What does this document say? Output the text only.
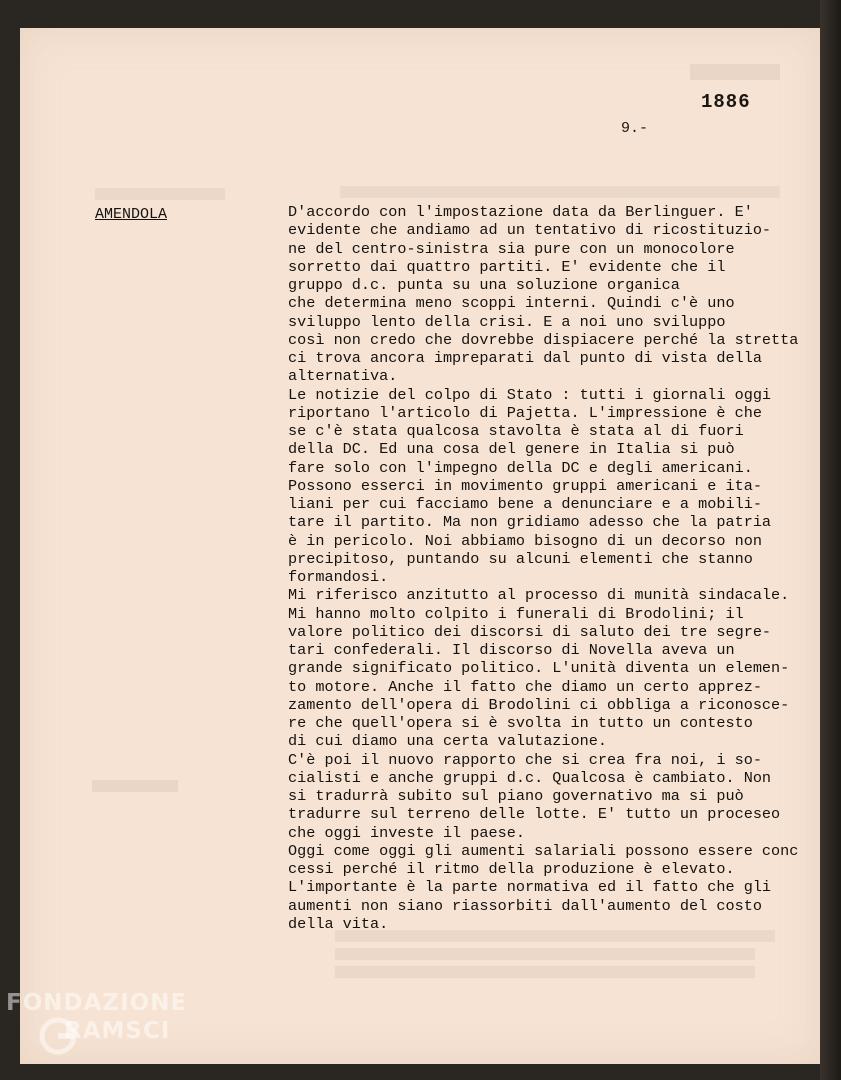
1886
9.-
AMENDOLA	D'accordo con l'impostazione data da Berlinguer. E'
evidente che andiamo ad un tentativo di ricostituzio-
ne del centro-sinistra sia pure con un monocolore
sorretto dai quattro partiti. E' evidente che il
gruppo d.c. punta su una soluzione organica
che determina meno scoppi interni. Quindi c'è uno
sviluppo lento della crisi. E a noi uno sviluppo
così non credo che dovrebbe dispiacere perché la stretta
ci trova ancora impreparati dal punto di vista della
alternativa.
Le notizie del colpo di Stato : tutti i giornali oggi
riportano l'articolo di Pajetta. L'impressione è che
se c'è stata qualcosa stavolta è stata al di fuori
della DC. Ed una cosa del genere in Italia si può
fare solo con l'impegno della DC e degli americani.
Possono esserci in movimento gruppi americani e ita-
liani per cui facciamo bene a denunciare e a mobili-
tare il partito. Ma non gridiamo adesso che la patria
è in pericolo. Noi abbiamo bisogno di un decorso non
precipitoso, puntando su alcuni elementi che stanno
formandosi.
Mi riferisco anzitutto al processo di munità sindacale.
Mi hanno molto colpito i funerali di Brodolini; il
valore politico dei discorsi di saluto dei tre segre-
tari confederali. Il discorso di Novella aveva un
grande significato politico. L'unità diventa un elemen-
to motore. Anche il fatto che diamo un certo apprez-
zamento dell'opera di Brodolini ci obbliga a riconosce-
re che quell'opera si è svolta in tutto un contesto
di cui diamo una certa valutazione.
C'è poi il nuovo rapporto che si crea fra noi, i so-
cialisti e anche gruppi d.c. Qualcosa è cambiato. Non
si tradurrà subito sul piano governativo ma si può
tradurre sul terreno delle lotte. E' tutto un proceseo
che oggi investe il paese.
Oggi come oggi gli aumenti salariali possono essere conc
cessi perché il ritmo della produzione è elevato.
L'importante è la parte normativa ed il fatto che gli
aumenti non siano riassorbiti dall'aumento del costo
della vita.
FONDAZIONE
RAMSCI
